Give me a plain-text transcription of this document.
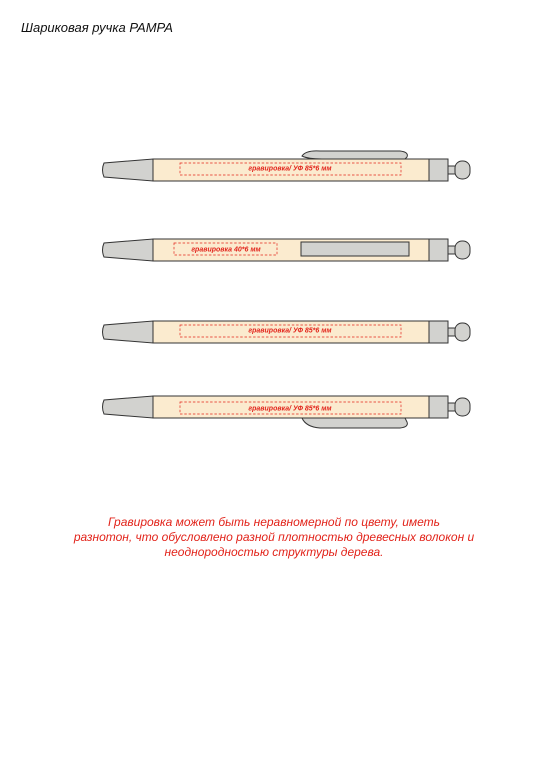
Шариковая ручка PAMPA
гравировка/ УФ 85*6 мм
гравировка 40*6 мм
гравировка/ УФ 85*6 мм
гравировка/ УФ 85*6 мм
Гравировка может быть неравномерной по цвету, иметь
разнотон, что обусловлено разной плотностью древесных волокон и
неоднородностью структуры дерева.
